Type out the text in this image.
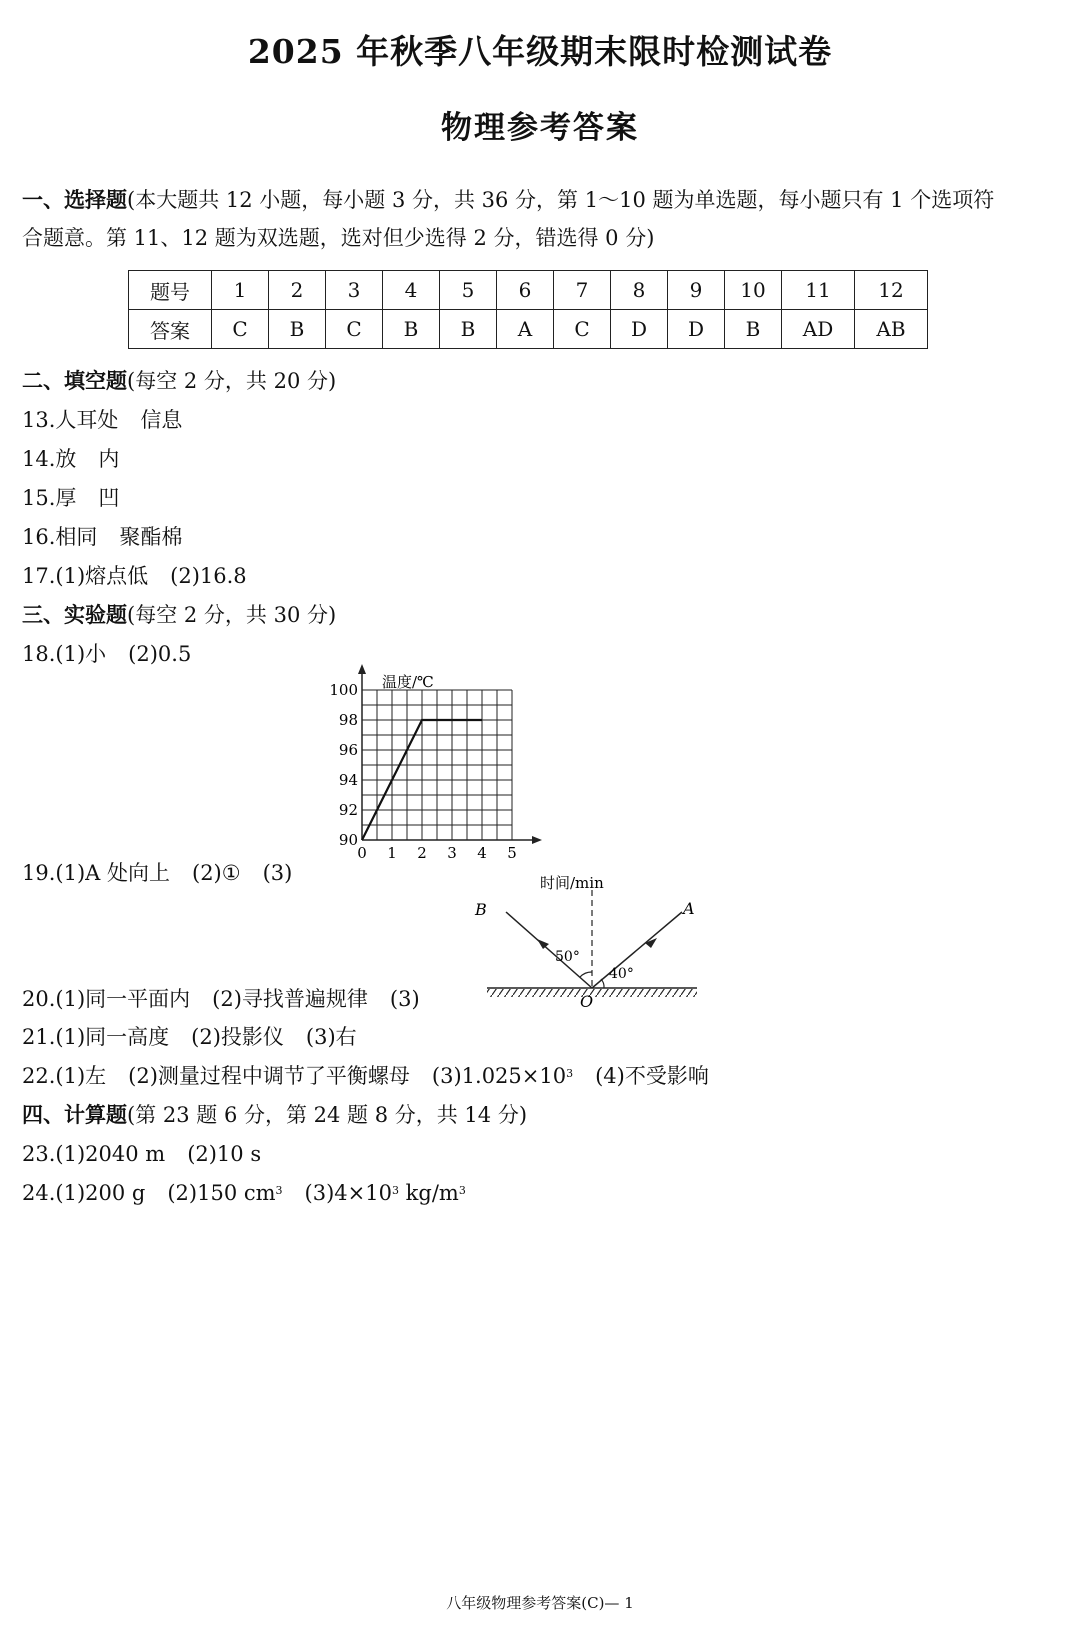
2025 年秋季八年级期末限时检测试卷
物理参考答案
一、选择题(本大题共 12 小题，每小题 3 分，共 36 分，第 1～10 题为单选题，每小题只有 1 个选项符
合题意。第 11、12 题为双选题，选对但少选得 2 分，错选得 0 分)
题号	1	2	3	4	5	6	7	8	9	10	11	12
答案	C	B	C	B	B	A	C	D	D	B	AD	AB
二、填空题(每空 2 分，共 20 分)
13.人耳处 信息
14.放 内
15.厚 凹
16.相同 聚酯棉
17.(1)熔点低 (2)16.8
三、实验题(每空 2 分，共 30 分)
18.(1)小 (2)0.5
90
92
94
96
98
100
0 1 2 3 4 5
温度/℃
时间/min
19.(1)A 处向上 (2)① (3)
B	A
O
50°
40°
20.(1)同一平面内 (2)寻找普遍规律 (3)
21.(1)同一高度 (2)投影仪 (3)右
22.(1)左 (2)测量过程中调节了平衡螺母 $(3)1.025\times 10^3$ (4)不受影响
四、计算题(第 23 题 6 分，第 24 题 8 分，共 14 分)
23.(1)2040 m (2)10 s
24.(1)200 g (2)150 $cm^3$ $(3)4\times 10^3$ $kg/m^3$
八年级物理参考答案(C)— 1
